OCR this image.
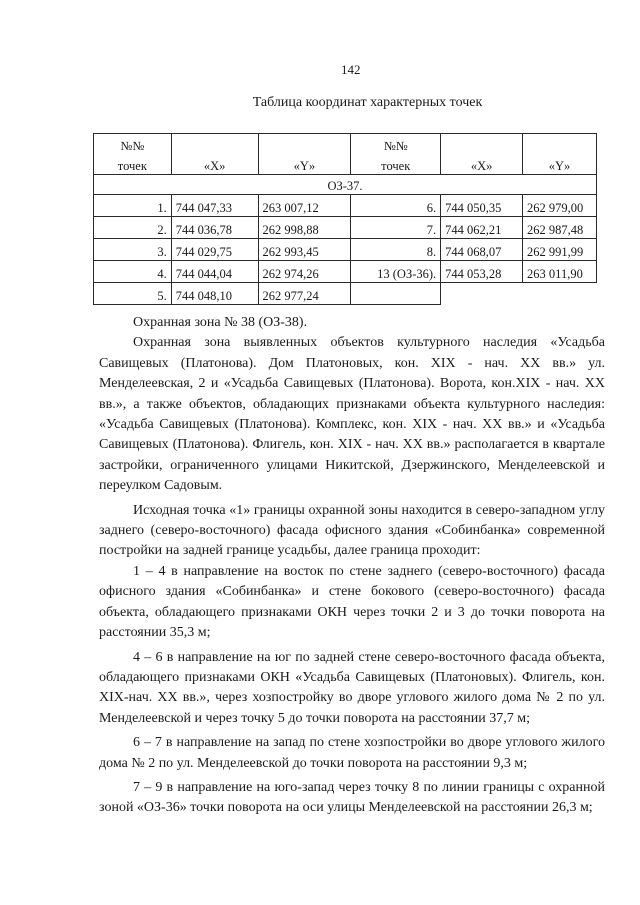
142
Таблица координат характерных точек
№№			№№		
точек	«X»	«Y»	точек	«X»	«Y»
ОЗ-37.					
1.	744 047,33	263 007,12	6.	744 050,35	262 979,00
2.	744 036,78	262 998,88	7.	744 062,21	262 987,48
3.	744 029,75	262 993,45	8.	744 068,07	262 991,99
4.	744 044,04	262 974,26	13 (ОЗ-36).	744 053,28	263 011,90
5.	744 048,10	262 977,24			

Охранная зона № 38 (ОЗ-38).

Охранная зона выявленных объектов культурного наследия «Усадьба Савищевых (Платонова). Дом Платоновых, кон. XIX - нач. XX вв.» ул. Менделеевская, 2 и «Усадьба Савищевых (Платонова). Ворота, кон.XIX - нач. XX вв.», а также объектов, обладающих признаками объекта культурного наследия: «Усадьба Савищевых (Платонова). Комплекс, кон. XIX - нач. XX вв.» и «Усадьба Савищевых (Платонова). Флигель, кон. XIX - нач. XX вв.» располагается в квартале застройки, ограниченного улицами Никитской, Дзержинского, Менделеевской и переулком Садовым.

Исходная точка «1» границы охранной зоны находится в северо-западном углу заднего (северо-восточного) фасада офисного здания «Собинбанка» современной постройки на задней границе усадьбы, далее граница проходит:

1 – 4 в направление на восток по стене заднего (северо-восточного) фасада офисного здания «Собинбанка» и стене бокового (северо-восточного) фасада объекта, обладающего признаками ОКН через точки 2 и 3 до точки поворота на расстоянии 35,3 м;

4 – 6 в направление на юг по задней стене северо-восточного фасада объекта, обладающего признаками ОКН «Усадьба Савищевых (Платоновых). Флигель, кон. XIX-нач. XX вв.», через хозпостройку во дворе углового жилого дома № 2 по ул. Менделеевской и через точку 5 до точки поворота на расстоянии 37,7 м;

6 – 7 в направление на запад по стене хозпостройки во дворе углового жилого дома № 2 по ул. Менделеевской до точки поворота на расстоянии 9,3 м;

7 – 9 в направление на юго-запад через точку 8 по линии границы с охранной зоной «ОЗ-36» точки поворота на оси улицы Менделеевской на расстоянии 26,3 м;
